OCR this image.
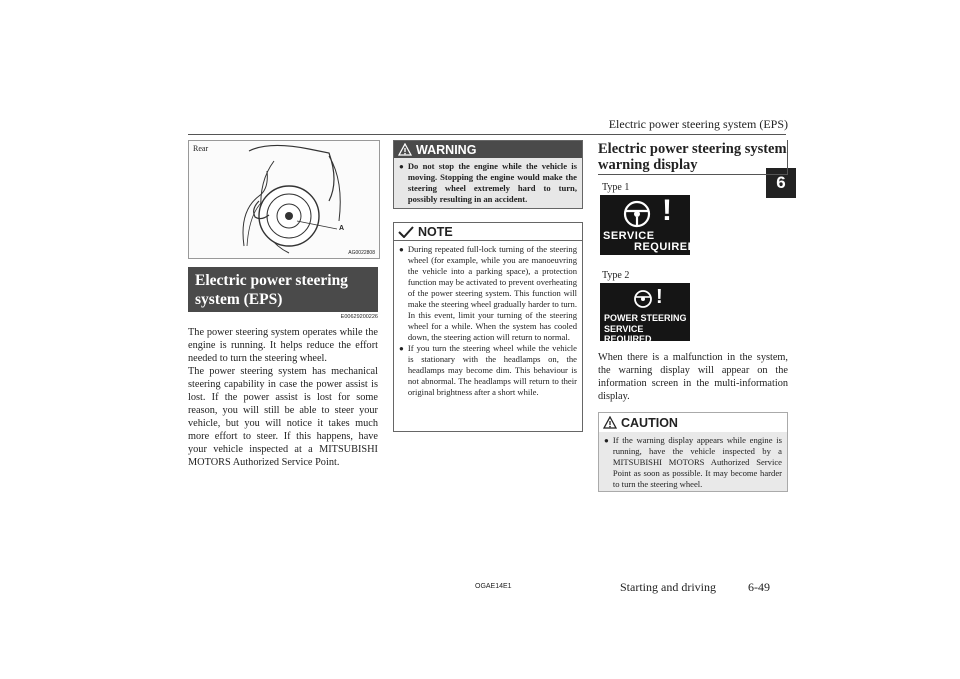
Electric power steering system (EPS)
6
Rear
A
AG0022808
Electric power steering
system (EPS)
E00629200226
The power steering system operates while the engine is running. It helps reduce the effort needed to turn the steering wheel.
The power steering system has mechanical steering capability in case the power assist is lost. If the power assist is lost for some reason, you will still be able to steer your vehicle, but you will notice it takes much more effort to steer. If this happens, have your vehicle inspected at a MITSUBISHI MOTORS Authorized Service Point.
WARNING
● Do not stop the engine while the vehicle is moving. Stopping the engine would make the steering wheel extremely hard to turn, possibly resulting in an accident.
NOTE
● During repeated full-lock turning of the steering wheel (for example, while you are manoeuvring the vehicle into a parking space), a protection function may be activated to prevent overheating of the power steering system. This function will make the steering wheel gradually harder to turn. In this event, limit your turning of the steering wheel for a while. When the system has cooled down, the steering action will return to normal.
● If you turn the steering wheel while the vehicle is stationary with the headlamps on, the headlamps may become dim. This behaviour is not abnormal. The headlamps will return to their original brightness after a short while.
Electric power steering system
warning display
Type 1
!
SERVICE
REQUIRED
Type 2
!
POWER STEERING
SERVICE REQUIRED
When there is a malfunction in the system, the warning display will appear on the information screen in the multi-information display.
CAUTION
● If the warning display appears while engine is running, have the vehicle inspected by a MITSUBISHI MOTORS Authorized Service Point as soon as possible. It may become harder to turn the steering wheel.
OGAE14E1	Starting and driving	6-49
